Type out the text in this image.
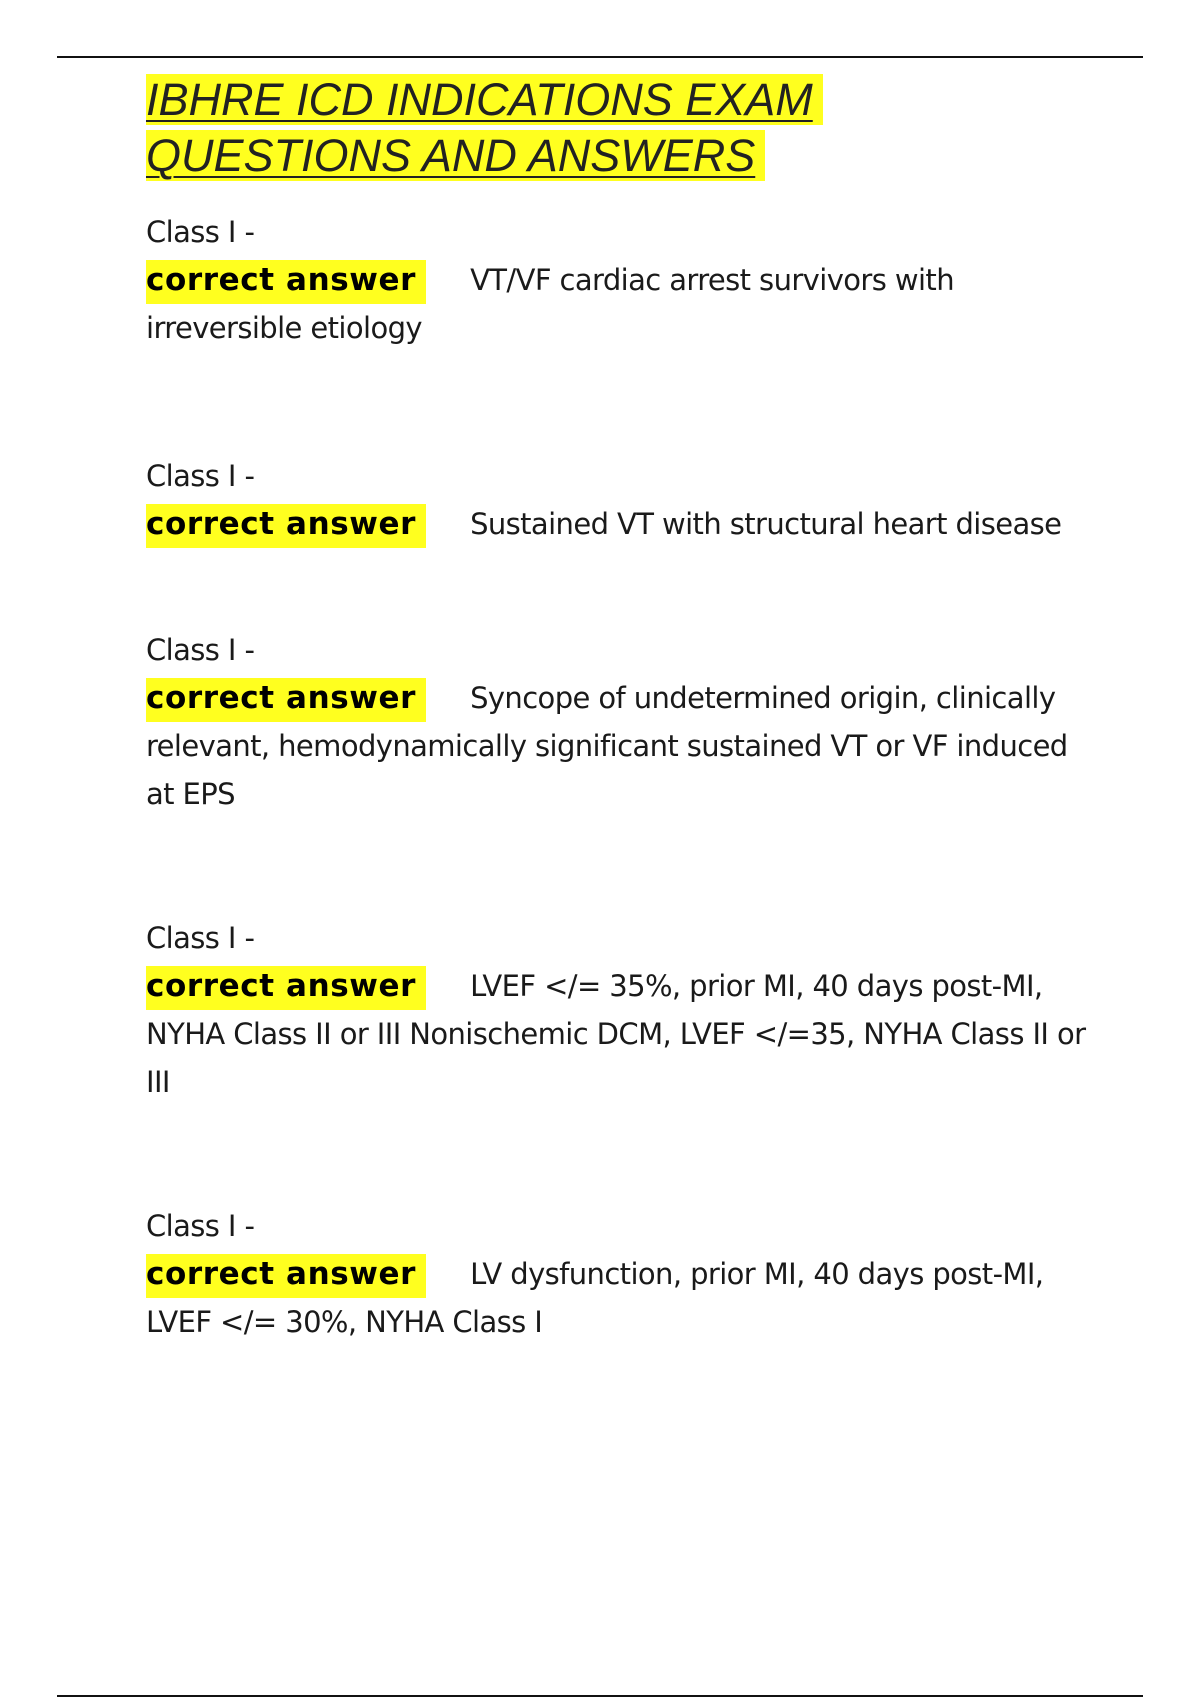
IBHRE ICD INDICATIONS EXAM
QUESTIONS AND ANSWERS
Class I -
correct answer VT/VF cardiac arrest survivors with irreversible etiology
Class I -
correct answer Sustained VT with structural heart disease
Class I -
correct answer Syncope of undetermined origin, clinically relevant, hemodynamically significant sustained VT or VF induced at EPS
Class I -
correct answer LVEF </= 35%, prior MI, 40 days post-MI, NYHA Class II or III Nonischemic DCM, LVEF </=35, NYHA Class II or III
Class I -
correct answer LV dysfunction, prior MI, 40 days post-MI, LVEF </= 30%, NYHA Class I
